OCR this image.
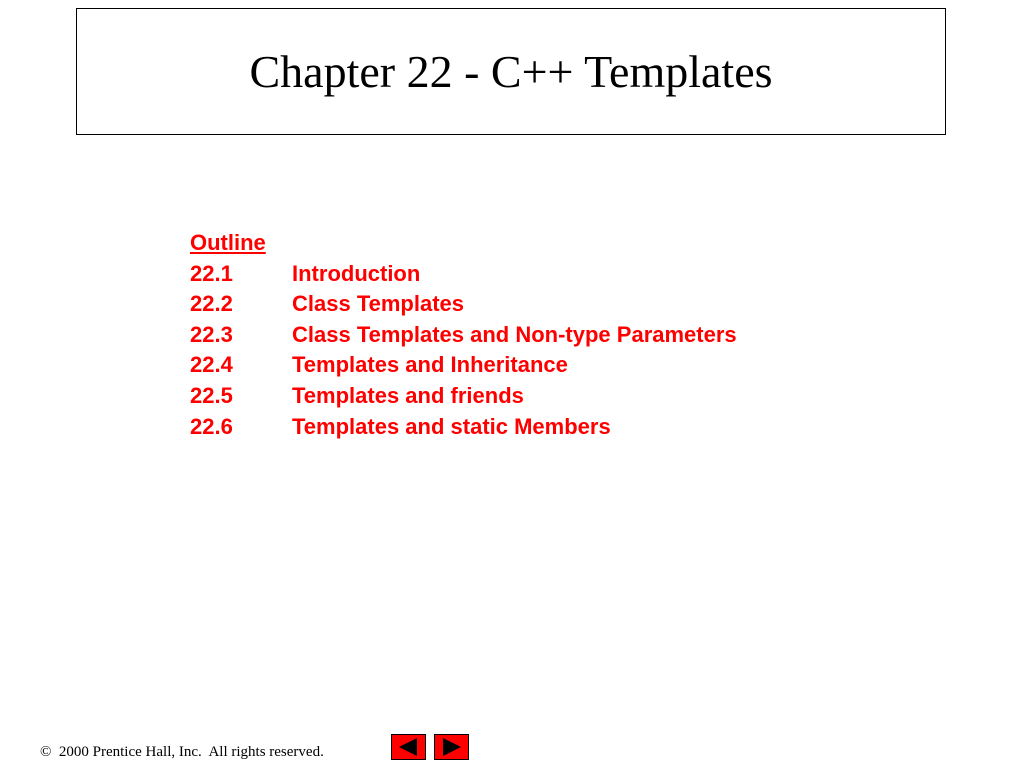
Chapter 22 - C++ Templates
Outline
22.1	Introduction
22.2	Class Templates
22.3	Class Templates and Non-type Parameters
22.4	Templates and Inheritance
22.5	Templates and friends
22.6	Templates and static Members
©  2000 Prentice Hall, Inc.  All rights reserved.
